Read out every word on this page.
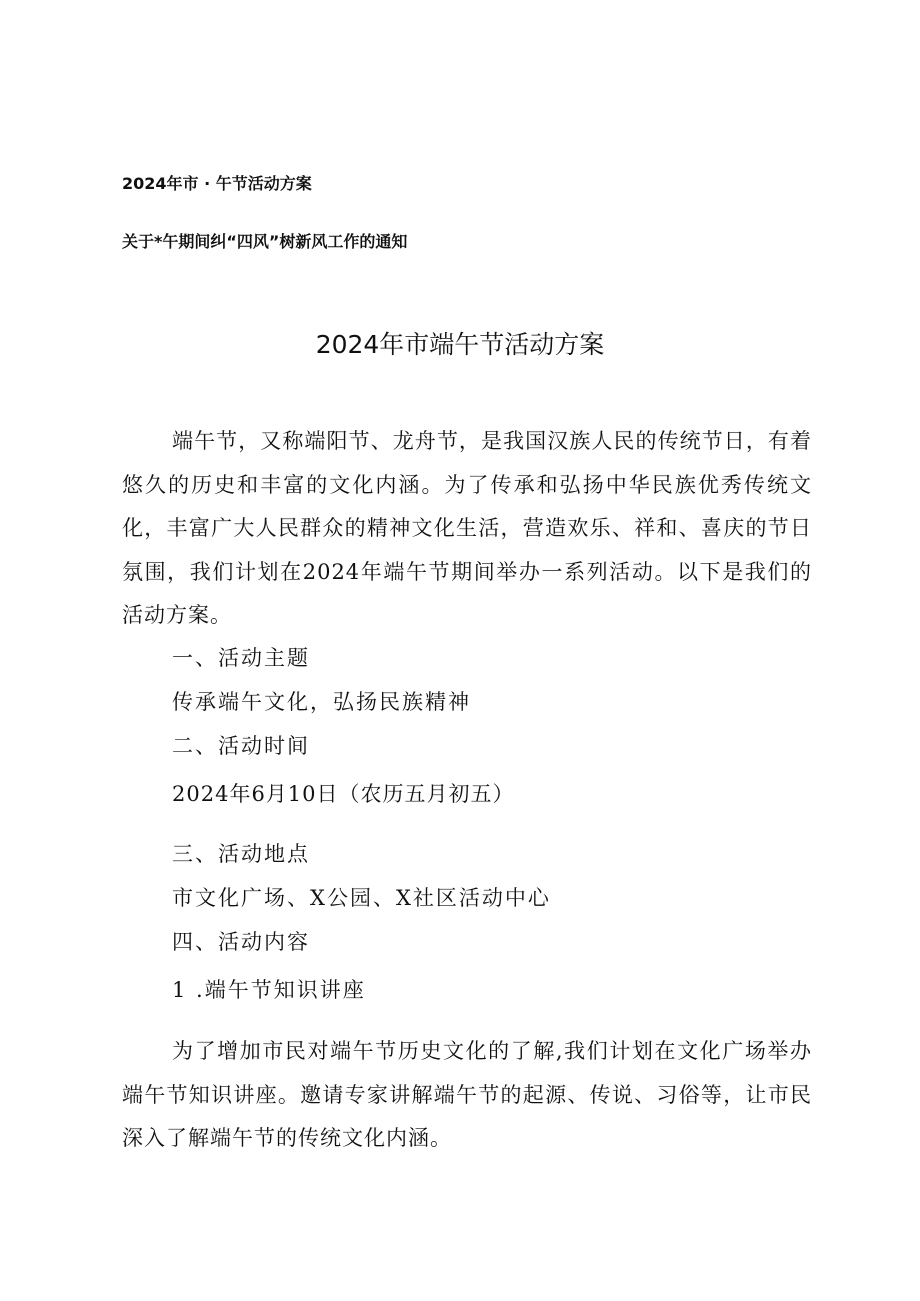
2024年市 · 午节活动方案
关于*午期间纠“四风”树新风工作的通知
2024年市端午节活动方案

端午节，又称端阳节、龙舟节，是我国汉族人民的传统节日，有着悠久的历史和丰富的文化内涵。为了传承和弘扬中华民族优秀传统文化，丰富广大人民群众的精神文化生活，营造欢乐、祥和、喜庆的节日氛围，我们计划在2024年端午节期间举办一系列活动。以下是我们的活动方案。

一、活动主题
传承端午文化，弘扬民族精神
二、活动时间
2024年6月10日（农历五月初五）
三、活动地点
市文化广场、X公园、X社区活动中心
四、活动内容
1 .端午节知识讲座

为了增加市民对端午节历史文化的了解,我们计划在文化广场举办端午节知识讲座。邀请专家讲解端午节的起源、传说、习俗等，让市民深入了解端午节的传统文化内涵。
